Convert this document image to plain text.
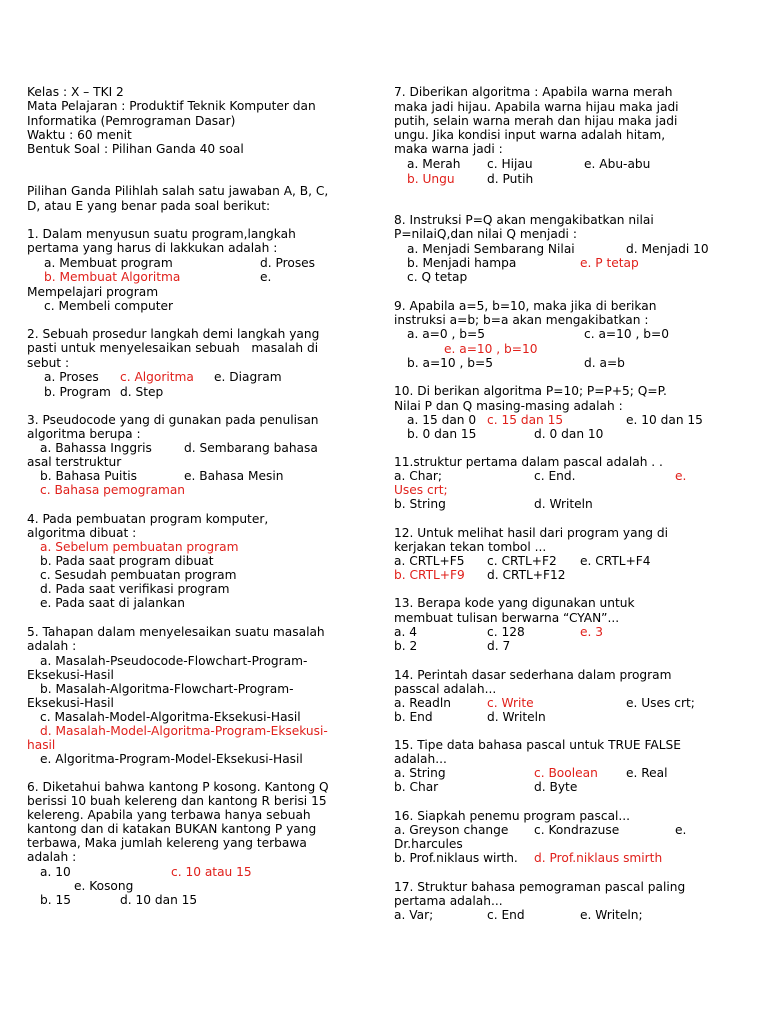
Kelas : X – TKI 2
Mata Pelajaran : Produktif Teknik Komputer dan
Informatika (Pemrograman Dasar)
Waktu : 60 menit
Bentuk Soal : Pilihan Ganda 40 soal
Pilihan Ganda Pilihlah salah satu jawaban A, B, C,
D, atau E yang benar pada soal berikut:
1. Dalam menyusun suatu program,langkah
pertama yang harus di lakkukan adalah :
a. Membuat program	d. Proses
b. Membuat Algoritma	e.
Mempelajari program
c. Membeli computer
2. Sebuah prosedur langkah demi langkah yang
pasti untuk menyelesaikan sebuah   masalah di
sebut :
a. Proses c. Algoritma e. Diagram
b. Program d. Step
3. Pseudocode yang di gunakan pada penulisan
algoritma berupa :
a. Bahassa Inggris	d. Sembarang bahasa
asal terstruktur
b. Bahasa Puitis	e. Bahasa Mesin
c. Bahasa pemograman
4. Pada pembuatan program komputer,
algoritma dibuat :
a. Sebelum pembuatan program
b. Pada saat program dibuat
c. Sesudah pembuatan program
d. Pada saat verifikasi program
e. Pada saat di jalankan
5. Tahapan dalam menyelesaikan suatu masalah
adalah :
a. Masalah-Pseudocode-Flowchart-Program-
Eksekusi-Hasil
b. Masalah-Algoritma-Flowchart-Program-
Eksekusi-Hasil
c. Masalah-Model-Algoritma-Eksekusi-Hasil
d. Masalah-Model-Algoritma-Program-Eksekusi-
hasil
e. Algoritma-Program-Model-Eksekusi-Hasil
6. Diketahui bahwa kantong P kosong. Kantong Q
berissi 10 buah kelereng dan kantong R berisi 15
kelereng. Apabila yang terbawa hanya sebuah
kantong dan di katakan BUKAN kantong P yang
terbawa, Maka jumlah kelereng yang terbawa
adalah :
a. 10	c. 10 atau 15
e. Kosong
b. 15	d. 10 dan 15
7. Diberikan algoritma : Apabila warna merah
maka jadi hijau. Apabila warna hijau maka jadi
putih, selain warna merah dan hijau maka jadi
ungu. Jika kondisi input warna adalah hitam,
maka warna jadi :
a. Merah c. Hijau	e. Abu-abu
b. Ungu	d. Putih
8. Instruksi P=Q akan mengakibatkan nilai
P=nilaiQ,dan nilai Q menjadi :
a. Menjadi Sembarang Nilai	d. Menjadi 10
b. Menjadi hampa	e. P tetap
c. Q tetap
9. Apabila a=5, b=10, maka jika di berikan
instruksi a=b; b=a akan mengakibatkan :
a. a=0 , b=5	c. a=10 , b=0
e. a=10 , b=10
b. a=10 , b=5	d. a=b
10. Di berikan algoritma P=10; P=P+5; Q=P.
Nilai P dan Q masing-masing adalah :
a. 15 dan 0 c. 15 dan 15	e. 10 dan 15
b. 0 dan 15	d. 0 dan 10
11.struktur pertama dalam pascal adalah . .
a. Char;	c. End.	e.
Uses crt;
b. String	d. Writeln
12. Untuk melihat hasil dari program yang di
kerjakan tekan tombol ...
a. CRTL+F5 c. CRTL+F2 e. CRTL+F4
b. CRTL+F9 d. CRTL+F12
13. Berapa kode yang digunakan untuk
membuat tulisan berwarna “CYAN”...
a. 4	c. 128	e. 3
b. 2	d. 7
14. Perintah dasar sederhana dalam program
passcal adalah...
a. Readln	c. Write	e. Uses crt;
b. End	d. Writeln
15. Tipe data bahasa pascal untuk TRUE FALSE
adalah...
a. String	c. Boolean e. Real
b. Char	d. Byte
16. Siapkah penemu program pascal...
a. Greyson change c. Kondrazuse	e.
Dr.harcules
b. Prof.niklaus wirth. d. Prof.niklaus smirth
17. Struktur bahasa pemograman pascal paling
pertama adalah...
a. Var;	c. End	e. Writeln;
